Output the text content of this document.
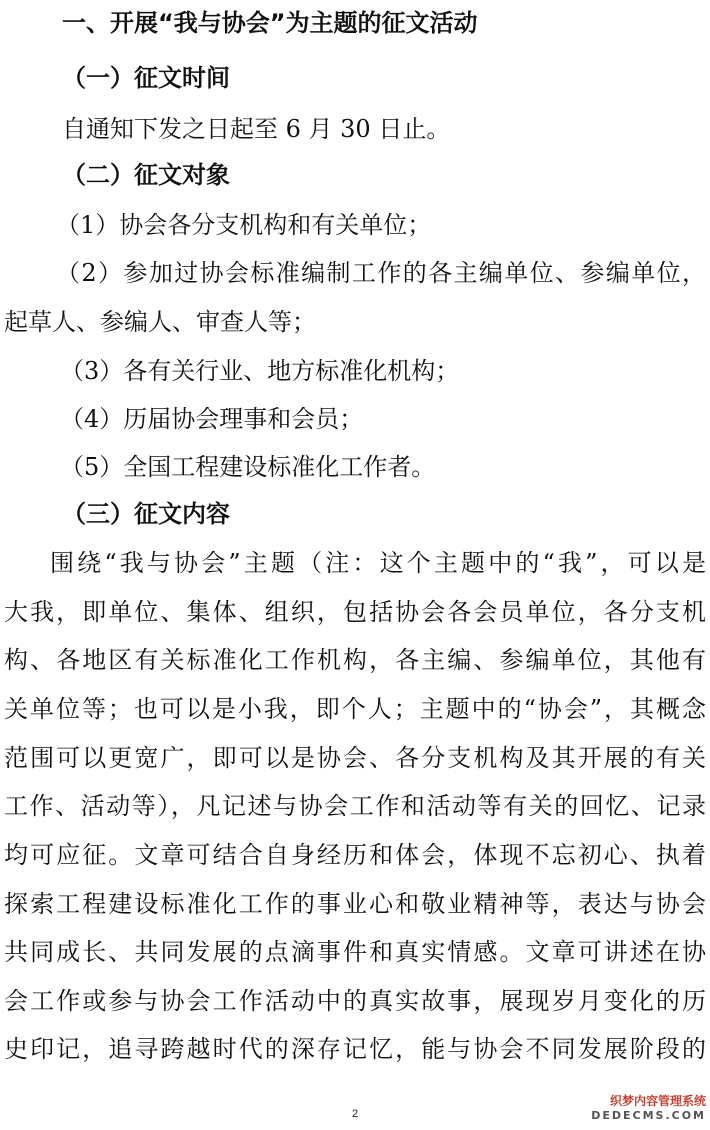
一、开展“我与协会”为主题的征文活动
（一）征文时间
自通知下发之日起至 6 月 30 日止。
（二）征文对象
（1）协会各分支机构和有关单位；
（2）参加过协会标准编制工作的各主编单位、参编单位，
起草人、参编人、审查人等；
（3）各有关行业、地方标准化机构；
（4）历届协会理事和会员；
（5）全国工程建设标准化工作者。
（三）征文内容
围绕“我与协会”主题（注：这个主题中的“我”，可以是
大我，即单位、集体、组织，包括协会各会员单位，各分支机
构、各地区有关标准化工作机构，各主编、参编单位，其他有
关单位等；也可以是小我，即个人；主题中的“协会”，其概念
范围可以更宽广，即可以是协会、各分支机构及其开展的有关
工作、活动等），凡记述与协会工作和活动等有关的回忆、记录
均可应征。文章可结合自身经历和体会，体现不忘初心、执着
探索工程建设标准化工作的事业心和敬业精神等，表达与协会
共同成长、共同发展的点滴事件和真实情感。文章可讲述在协
会工作或参与协会工作活动中的真实故事，展现岁月变化的历
史印记，追寻跨越时代的深存记忆，能与协会不同发展阶段的
2
织梦内容管理系统
DEDECMS.COM
